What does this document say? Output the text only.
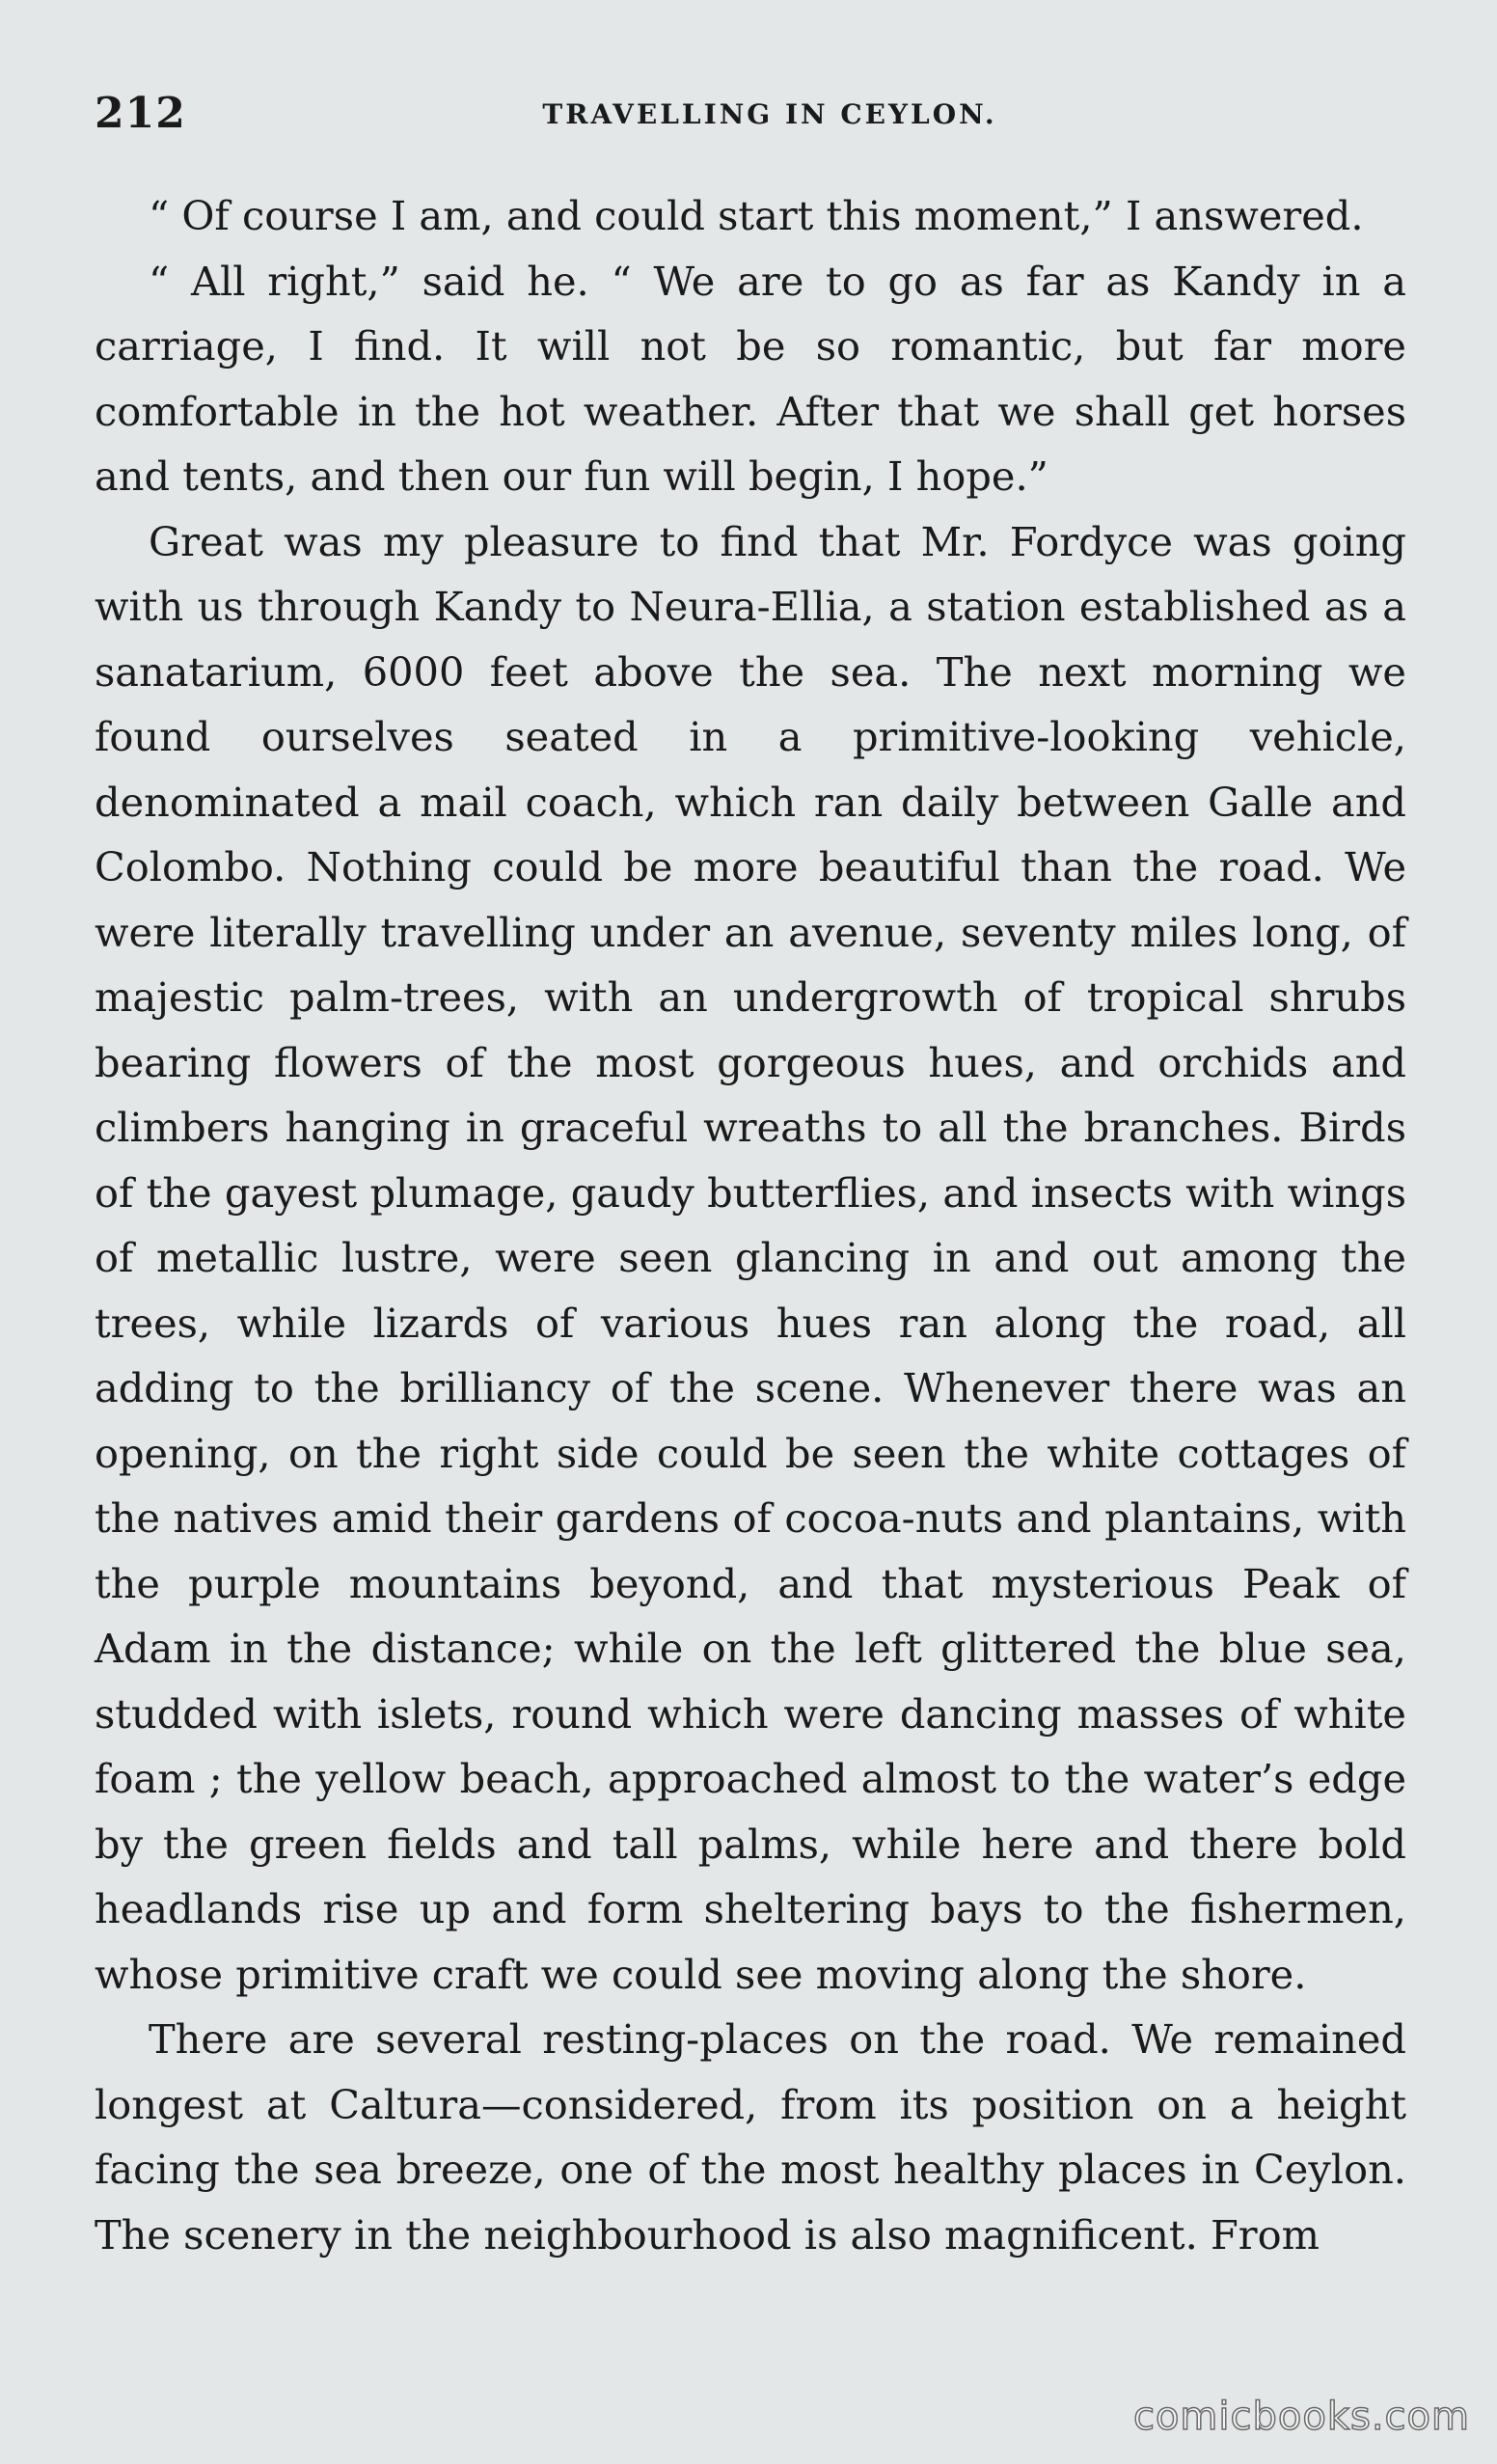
212	TRAVELLING IN CEYLON.

“ Of course I am, and could start this moment,” I answered.

“ All right,” said he. “ We are to go as far as Kandy in a carriage, I find. It will not be so romantic, but far more comfortable in the hot weather. After that we shall get horses and tents, and then our fun will begin, I hope.”

Great was my pleasure to find that Mr. Fordyce was going with us through Kandy to Neura-Ellia, a station established as a sanatarium, 6000 feet above the sea. The next morning we found ourselves seated in a primitive-looking vehicle, denominated a mail coach, which ran daily between Galle and Colombo. Nothing could be more beautiful than the road. We were literally travelling under an avenue, seventy miles long, of majestic palm-trees, with an undergrowth of tropical shrubs bearing flowers of the most gorgeous hues, and orchids and climbers hanging in graceful wreaths to all the branches. Birds of the gayest plumage, gaudy butterflies, and insects with wings of metallic lustre, were seen glancing in and out among the trees, while lizards of various hues ran along the road, all adding to the brilliancy of the scene. Whenever there was an opening, on the right side could be seen the white cottages of the natives amid their gardens of cocoa-nuts and plantains, with the purple mountains beyond, and that mysterious Peak of Adam in the distance; while on the left glittered the blue sea, studded with islets, round which were dancing masses of white foam ; the yellow beach, approached almost to the water’s edge by the green fields and tall palms, while here and there bold headlands rise up and form sheltering bays to the fishermen, whose primitive craft we could see moving along the shore.

There are several resting-places on the road. We remained longest at Caltura—considered, from its position on a height facing the sea breeze, one of the most healthy places in Ceylon. The scenery in the neighbourhood is also magnificent. From

comicbooks.com
